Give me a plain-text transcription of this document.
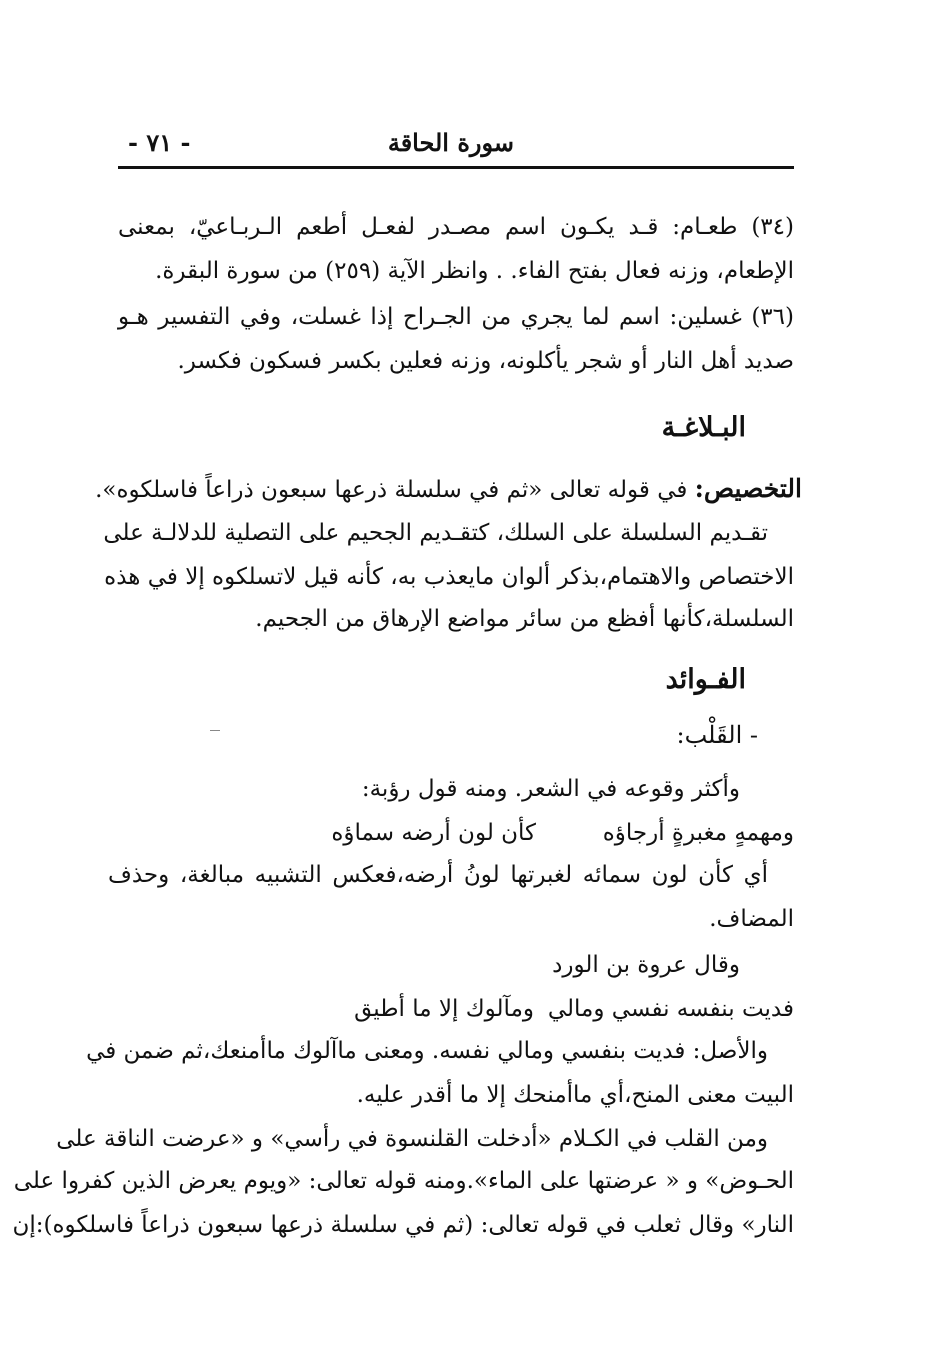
- ٧١ -	سورة الحاقة
(٣٤) طعـام: قـد يكـون اسم مصـدر لفعـل أطعم الـربـاعيّ، بمعنى
الإطعام، وزنه فعال بفتح الفاء. . وانظر الآية (٢٥٩) من سورة البقرة.
(٣٦) غسلين: اسم لما يجري من الجـراح إذا غسلت، وفي التفسير هـو
صديد أهل النار أو شجر يأكلونه، وزنه فعلين بكسر فسكون فكسر.
البـلاغـة
التخصيص: في قوله تعالى «ثم في سلسلة ذرعها سبعون ذراعاً فاسلكوه».
تقـديم السلسلة على السلك، كتقـديم الجحيم على التصلية للدلالـة على
الاختصاص والاهتمام،بذكر ألوان مايعذب به، كأنه قيل لاتسلكوه إلا في هذه
السلسلة،كأنها أفظع من سائر مواضع الإرهاق من الجحيم.
الفـوائد
- القَلْب:
وأكثر وقوعه في الشعر. ومنه قول رؤبة:
ومهمهٍ مغبرةٍ أرجاؤه
كأن لون أرضه سماؤه
أي كأن لون سمائه لغبرتها لونُ أرضه،فعكس التشبيه مبالغة، وحذف
المضاف.
وقال عروة بن الورد
فديت بنفسه نفسي ومالي
ومآلوك إلا ما أطيق
والأصل: فديت بنفسي ومالي نفسه. ومعنى ماآلوك ماأمنعك،ثم ضمن في
البيت معنى المنح،أي ماأمنحك إلا ما أقدر عليه.
ومن القلب في الكـلام «أدخلت القلنسوة في رأسي» و «عرضت الناقة على
الحـوض» و « عرضتها على الماء».ومنه قوله تعالى: «ويوم يعرض الذين كفروا على
النار» وقال ثعلب في قوله تعالى: (ثم في سلسلة ذرعها سبعون ذراعاً فاسلكوه):إن
